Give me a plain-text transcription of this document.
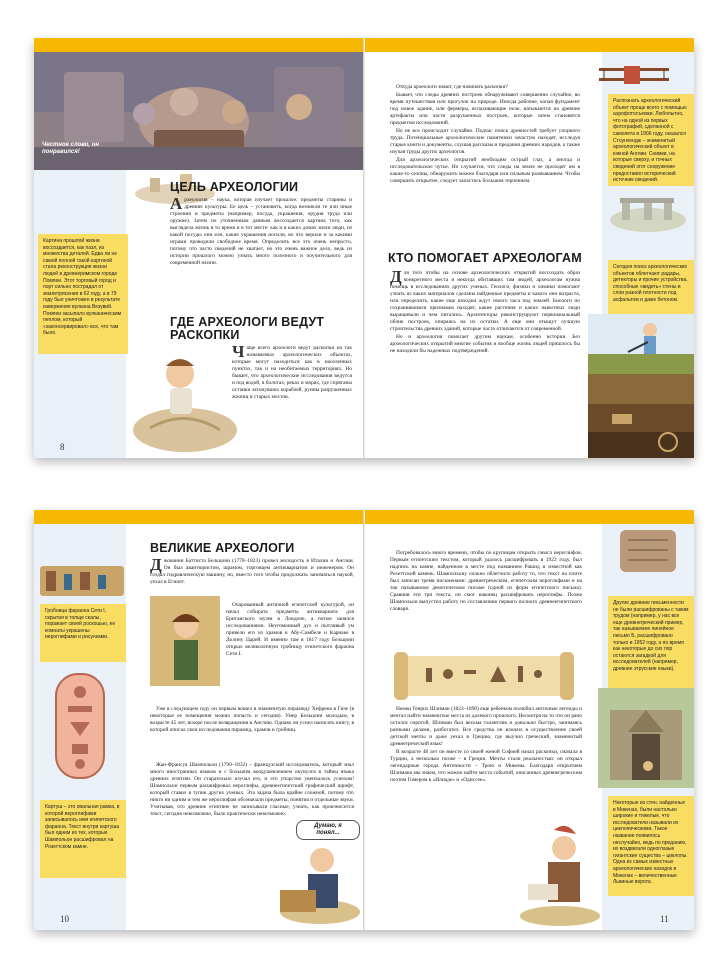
Честное слово, он понравился!
Картина прошлой жизни воссоздается, как пазл, из множества деталей. Едва ли не самой полной такой картиной стала реконструкция жизни людей в древнеримском городе Помпеи. Этот торговый город и порт сильно пострадал от землетрясения в 62 году, а в 79 году был уничтожен в результате извержения вулкана Везувий. Помпеи засыпало вулканическим пеплом, который «законсервировал» все, что там было.
ЦЕЛЬ АРХЕОЛОГИИ

Археология – наука, которая изучает прошлое: предметы старины и древние культуры. Ее цель – установить, когда возникли те или иные строения и предметы (например, посуда, украшения, орудия труда или оружие). Затем по уточненным данным воссоздается картина того, как выглядела жизнь в то время и в тот месте: как и в каких домах жили люди, из какой посуды они ели, какие украшения носили, во что верили и за какими играми проводили свободное время. Определить все это очень непросто, потому что часто сведений не хватает, но это очень важное дело, ведь из истории прошлого можно узнать много полезного и поучительного для современной жизни.

ГДЕ АРХЕОЛОГИ ВЕДУТ РАСКОПКИ

Чаще всего археологи ведут раскопки на так называемых археологических объектах, которые могут находиться как в населенных пунктах, так и на необитаемых территориях. Но бывает, что археологические исследования ведутся и под водой, в болотах, реках и морях, где спрятаны останки затонувших кораблей, руины разрушенных жилищ и старых мостов.

8

Откуда археологи знают, где начинать раскопки?

Бывает, что следы древних построек обнаруживают совершенно случайно, во время путешествия или прогулок на природе. Иногда рабочие, копая фундамент под новое здание, или фермеры, вспахивающие поле, натыкаются на древние артефакты или части разрушенных построек, которые затем становятся предметом исследований.

Но не все происходит случайно. Подчас поиск древностей требует упорного труда. Потенциальные археологические памятники зачастую находят, исследуя старые книги и документы, слушая рассказы и предания древних народов, а также изучая труды других археологов.

Для археологических открытий необходим острый глаз, а иногда и исследовательское чутье. Но случается, что следы на земле не проходят им в какие-то сезоны, обнаружить можно благодаря или сильным размыванием. Чтобы совершить открытие, следует запастись большим терпением.

КТО ПОМОГАЕТ АРХЕОЛОГАМ

Для того чтобы на основе археологических открытий воссоздать образ конкретного места и некогда обитавших там людей, археологам нужна помощь в исследованиях других ученых. Геологи, физики и химики помогают узнать из каких материалов сделаны найденные предметы и какого они возраста, или определить, какие еще находки ждут своего часа под землей. Биологи по сохранившимся признакам находят, какие растения и каких животных люди выращивали и чем питались. Архитекторы реконструируют первоначальный облик построек, опираясь на их остатки. А еще они отыщут лучшую строительства древних зданий, которые часто отличаются от современной.

Но и археология помогает другим наукам, особенно истории. Без археологических открытий многие события и вообще жизнь людей пришлось бы не находили бы надежных подтверждений.

Распознать археологический объект проще всего с помощью аэрофотосъемки. Любопытно, что на одной из первых фотографий, сделанной с самолета в 1906 году, оказался Стоунхендж – знаменитый археологический объект в южной Англии. Снимки, на которые сверху, и точных сведений этот сооружение предоставил исторический источник сведений.
Сегодня поиск археологических объектов облегчают радары, детекторы и прочие устройства, способные «видеть» стены и слои разной плотности под асфальтом и даже бетоном.
Гробница фараона Сети I, скрытая в толще скалы, поражает своей роскошью, ее комнаты украшены иероглифами и рисунками.
Картуш – это овальная рамка, в которой иероглифами записывалось имя египетского фараона. Текст внутри картуша был одним из тех, которые Шампольон расшифровал на Розеттском камне.
ВЕЛИКИЕ АРХЕОЛОГИ

Джованни Баттиста Бельцони (1778–1823) провел молодость в Италии и Англии. Он был авантюристом, шрамом, торговцем антиквариатом и инженером. Он создал гидравлическую машину, но, вместо того чтобы продолжать заниматься наукой, уехал в Египет.

Очарованный античной египетской культурой, он начал собирать предметы антиквариата для Британского музея в Лондоне, а потом занялся исследованиями. Неугомонный дух и пытливый ум привели его из храмов в Абу-Симбеле и Карнаке в Долину Царей. И именно там в 1817 году Бельцони открыл великолепную гробницу египетского фараона Сети I.

Уже в следующем году он первым вошел в знаменитую пирамиду Хефрена в Гизе (в некоторые ее помещения можно попасть и сегодня). Умер Бельцони молодым, в возрасте 45 лет, вскоре после возвращения в Англию. Однако он успел написать книгу, в которой описал свои исследования пирамид, храмов и гробниц.

Жан-Франсуа Шампольон (1790–1832) – французский исследователь, который знал много иностранных языков и с большим воодушевлением окунулся в тайны языка древних египтян. Он старательно изучал его, и это упорство увенчалось успехом! Шампольон первым расшифровал иероглифы, древнеегипетский графический шрифт, который ставил в тупик других ученых. Эта задача была крайне сложной, потому что никто ни одним и тем же иероглифам обозначали предметы, понятия и отдельные звуки. Учитывая, что древние египтяне не записывали гласные, узнать, как произносится текст, сегодня невозможно, было практически невозможно.

Думаю, я понял...
10

Потребовалось много времени, чтобы по крупицам открыть смысл иероглифов. Первым египетским текстом, который удалось расшифровать в 1922 году, был надпись на камне, найденном в месте под названием Рашид и известной как Розеттский камень. Шампольону сильно облегчило работу то, что текст на плите был записан тремя письменами: древнегреческим, египетским иероглифами и на так называемом демотическом письме (одной из форм египетского письма). Сравнив эти три текста, он смог наконец расшифровать иероглифы. Позже Шампольон выпустил работу по составлению первого полного древнеегипетского словаря.

Немец Генрих Шлиман (1822–1890) еще ребенком полюбил античные легенды и мечтал найти знаменитые места из далекого прошлого. Несмотря на то что он рано остался сиротой, Шлиман был весьма талантлив и довольно быстро, занимаясь разными делами, разбогател. Все средства он вложил в осуществление своей детской мечты и даже уехал в Грецию, где выучил греческий, знаменитый древнегреческий язык!

В возрасте 48 лет он вместе со своей женой Софией начал раскопки, сначала в Турции, а несколько позже – в Греции. Мечты стали реальностью: он открыл легендарные города Античности – Трою и Микены. Благодаря открытиям Шлимана мы знаем, что можно найти места событий, описанных древнегреческим поэтом Гомером в «Илиаде» и «Одиссее».

Другие древние письменности не были расшифрованы с таким трудом (например, у нас все еще древнегреческий пример, так называемое линейное письмо Б, расшифровано только в 1952 году, а по время как некоторые до сих пор остаются загадкой для исследователей (например, древние этрусские языки).
Некоторые из стен, найденных в Микенах, были настолько широкие и тяжелые, что исследователи называли их циклопическими. Такое название появилось неслучайно, ведь по преданию, их воздвигали одноглазые гигантские существа – циклопы. Одна из самых известных археологических находок в Микенах – величественные Львиные ворота.
11
